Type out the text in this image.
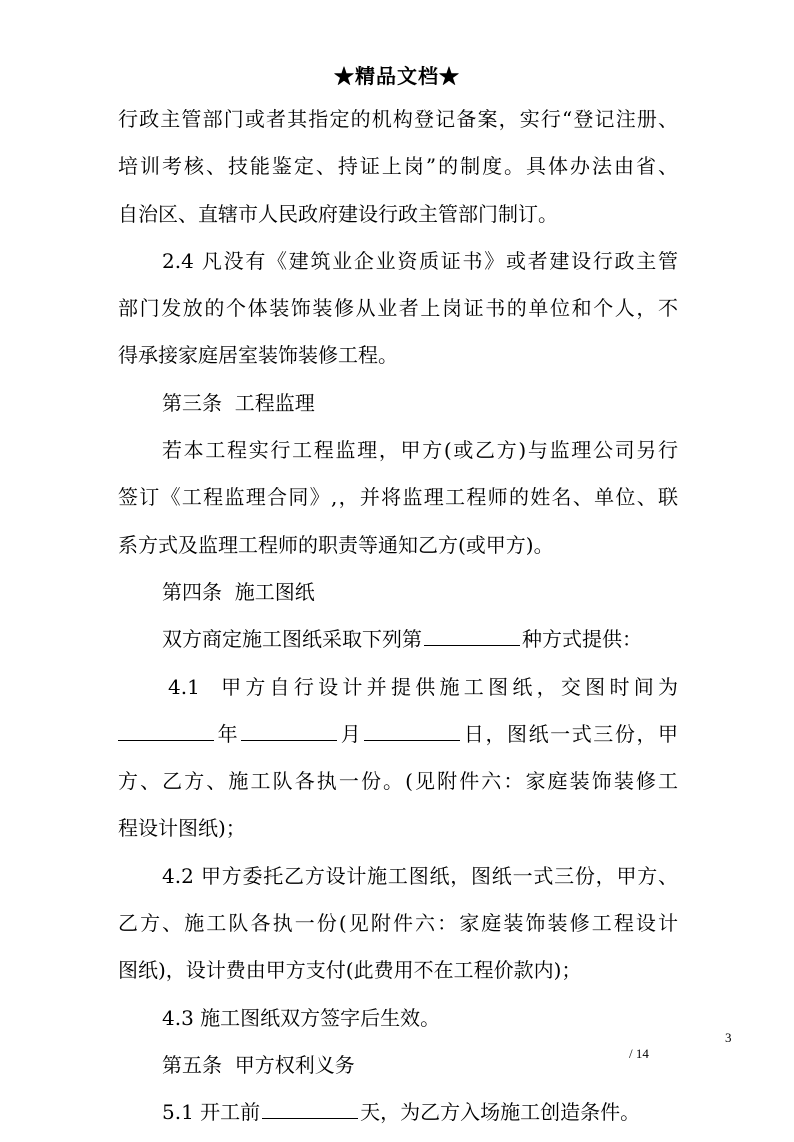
★精品文档★
行政主管部门或者其指定的机构登记备案，实行“登记注册、
培训考核、技能鉴定、持证上岗”的制度。具体办法由省、
自治区、直辖市人民政府建设行政主管部门制订。
2.4 凡没有《建筑业企业资质证书》或者建设行政主管
部门发放的个体装饰装修从业者上岗证书的单位和个人，不
得承接家庭居室装饰装修工程。
第三条  工程监理
若本工程实行工程监理，甲方(或乙方)与监理公司另行
签订《工程监理合同》,，并将监理工程师的姓名、单位、联
系方式及监理工程师的职责等通知乙方(或甲方)。
第四条  施工图纸
双方商定施工图纸采取下列第	种方式提供：
4.1  甲方自行设计并提供施工图纸，交图时间为
年	月	日，图纸一式三份，甲
方、乙方、施工队各执一份。(见附件六：家庭装饰装修工
程设计图纸)；
4.2 甲方委托乙方设计施工图纸，图纸一式三份，甲方、
乙方、施工队各执一份(见附件六：家庭装饰装修工程设计
图纸)，设计费由甲方支付(此费用不在工程价款内)；
4.3 施工图纸双方签字后生效。
第五条  甲方权利义务
5.1 开工前	天，为乙方入场施工创造条件。
3
/ 14
